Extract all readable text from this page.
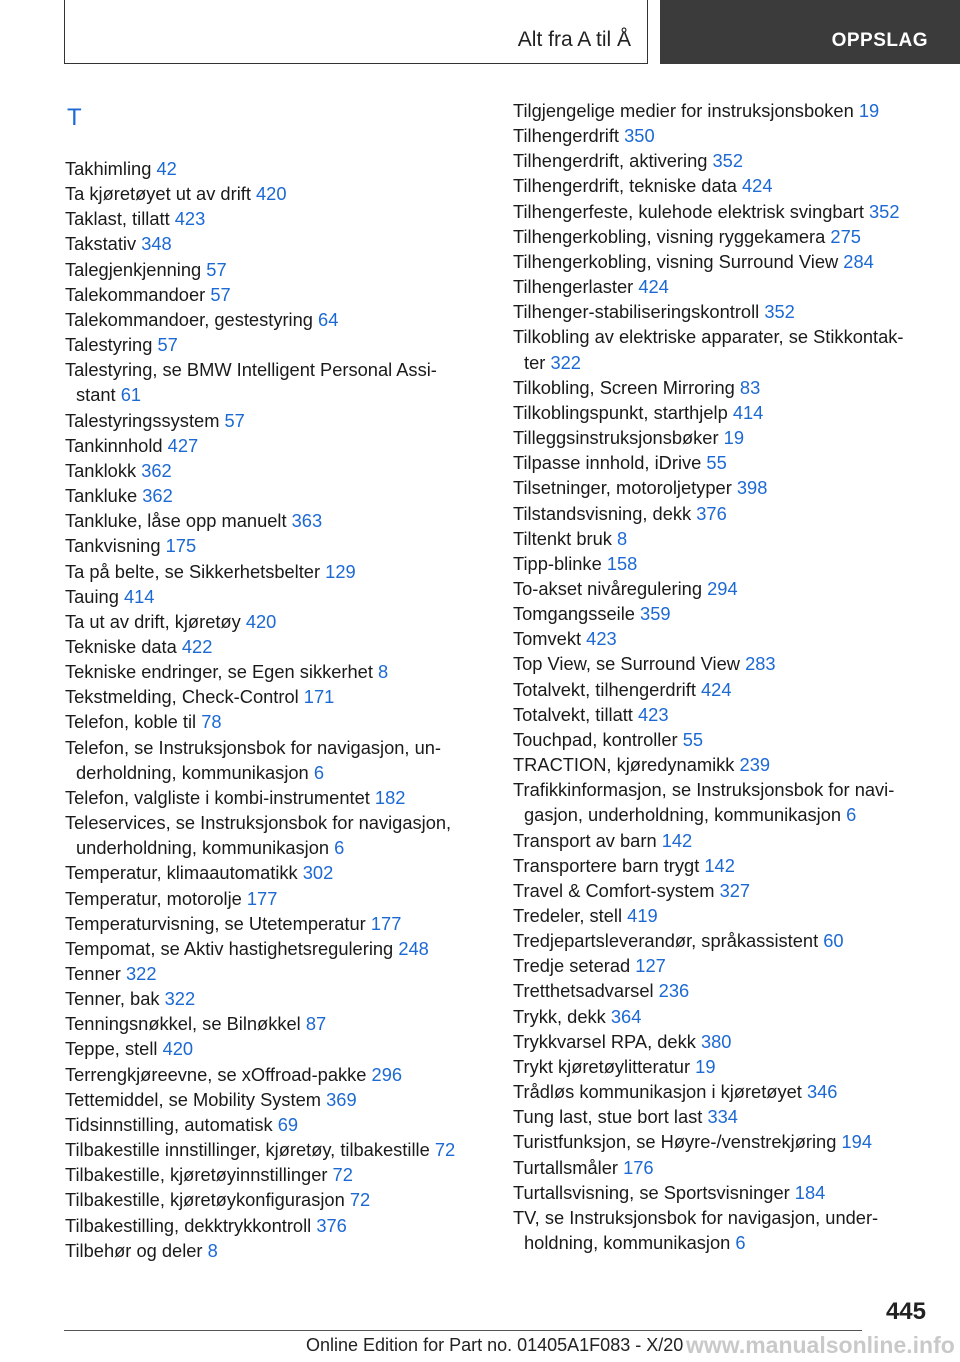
Alt fra A til Å	OPPSLAG
T
Takhimling 42
Ta kjøretøyet ut av drift 420
Taklast, tillatt 423
Takstativ 348
Talegjenkjenning 57
Talekommandoer 57
Talekommandoer, gestestyring 64
Talestyring 57
Talestyring, se BMW Intelligent Personal Assi-
stant 61
Talestyringssystem 57
Tankinnhold 427
Tanklokk 362
Tankluke 362
Tankluke, låse opp manuelt 363
Tankvisning 175
Ta på belte, se Sikkerhetsbelter 129
Tauing 414
Ta ut av drift, kjøretøy 420
Tekniske data 422
Tekniske endringer, se Egen sikkerhet 8
Tekstmelding, Check-Control 171
Telefon, koble til 78
Telefon, se Instruksjonsbok for navigasjon, un-
derholdning, kommunikasjon 6
Telefon, valgliste i kombi-instrumentet 182
Teleservices, se Instruksjonsbok for navigasjon,
underholdning, kommunikasjon 6
Temperatur, klimaautomatikk 302
Temperatur, motorolje 177
Temperaturvisning, se Utetemperatur 177
Tempomat, se Aktiv hastighetsregulering 248
Tenner 322
Tenner, bak 322
Tenningsnøkkel, se Bilnøkkel 87
Teppe, stell 420
Terrengkjøreevne, se xOffroad-pakke 296
Tettemiddel, se Mobility System 369
Tidsinnstilling, automatisk 69
Tilbakestille innstillinger, kjøretøy, tilbakestille 72
Tilbakestille, kjøretøyinnstillinger 72
Tilbakestille, kjøretøykonfigurasjon 72
Tilbakestilling, dekktrykkontroll 376
Tilbehør og deler 8
Tilgjengelige medier for instruksjonsboken 19
Tilhengerdrift 350
Tilhengerdrift, aktivering 352
Tilhengerdrift, tekniske data 424
Tilhengerfeste, kulehode elektrisk svingbart 352
Tilhengerkobling, visning ryggekamera 275
Tilhengerkobling, visning Surround View 284
Tilhengerlaster 424
Tilhenger-stabiliseringskontroll 352
Tilkobling av elektriske apparater, se Stikkontak-
ter 322
Tilkobling, Screen Mirroring 83
Tilkoblingspunkt, starthjelp 414
Tilleggsinstruksjonsbøker 19
Tilpasse innhold, iDrive 55
Tilsetninger, motoroljetyper 398
Tilstandsvisning, dekk 376
Tiltenkt bruk 8
Tipp-blinke 158
To-akset nivåregulering 294
Tomgangsseile 359
Tomvekt 423
Top View, se Surround View 283
Totalvekt, tilhengerdrift 424
Totalvekt, tillatt 423
Touchpad, kontroller 55
TRACTION, kjøredynamikk 239
Trafikkinformasjon, se Instruksjonsbok for navi-
gasjon, underholdning, kommunikasjon 6
Transport av barn 142
Transportere barn trygt 142
Travel & Comfort-system 327
Tredeler, stell 419
Tredjepartsleverandør, språkassistent 60
Tredje seterad 127
Tretthetsadvarsel 236
Trykk, dekk 364
Trykkvarsel RPA, dekk 380
Trykt kjøretøylitteratur 19
Trådløs kommunikasjon i kjøretøyet 346
Tung last, stue bort last 334
Turistfunksjon, se Høyre-/venstrekjøring 194
Turtallsmåler 176
Turtallsvisning, se Sportsvisninger 184
TV, se Instruksjonsbok for navigasjon, under-
holdning, kommunikasjon 6
445
Online Edition for Part no. 01405A1F083 - X/20 www.manualsonline.info
